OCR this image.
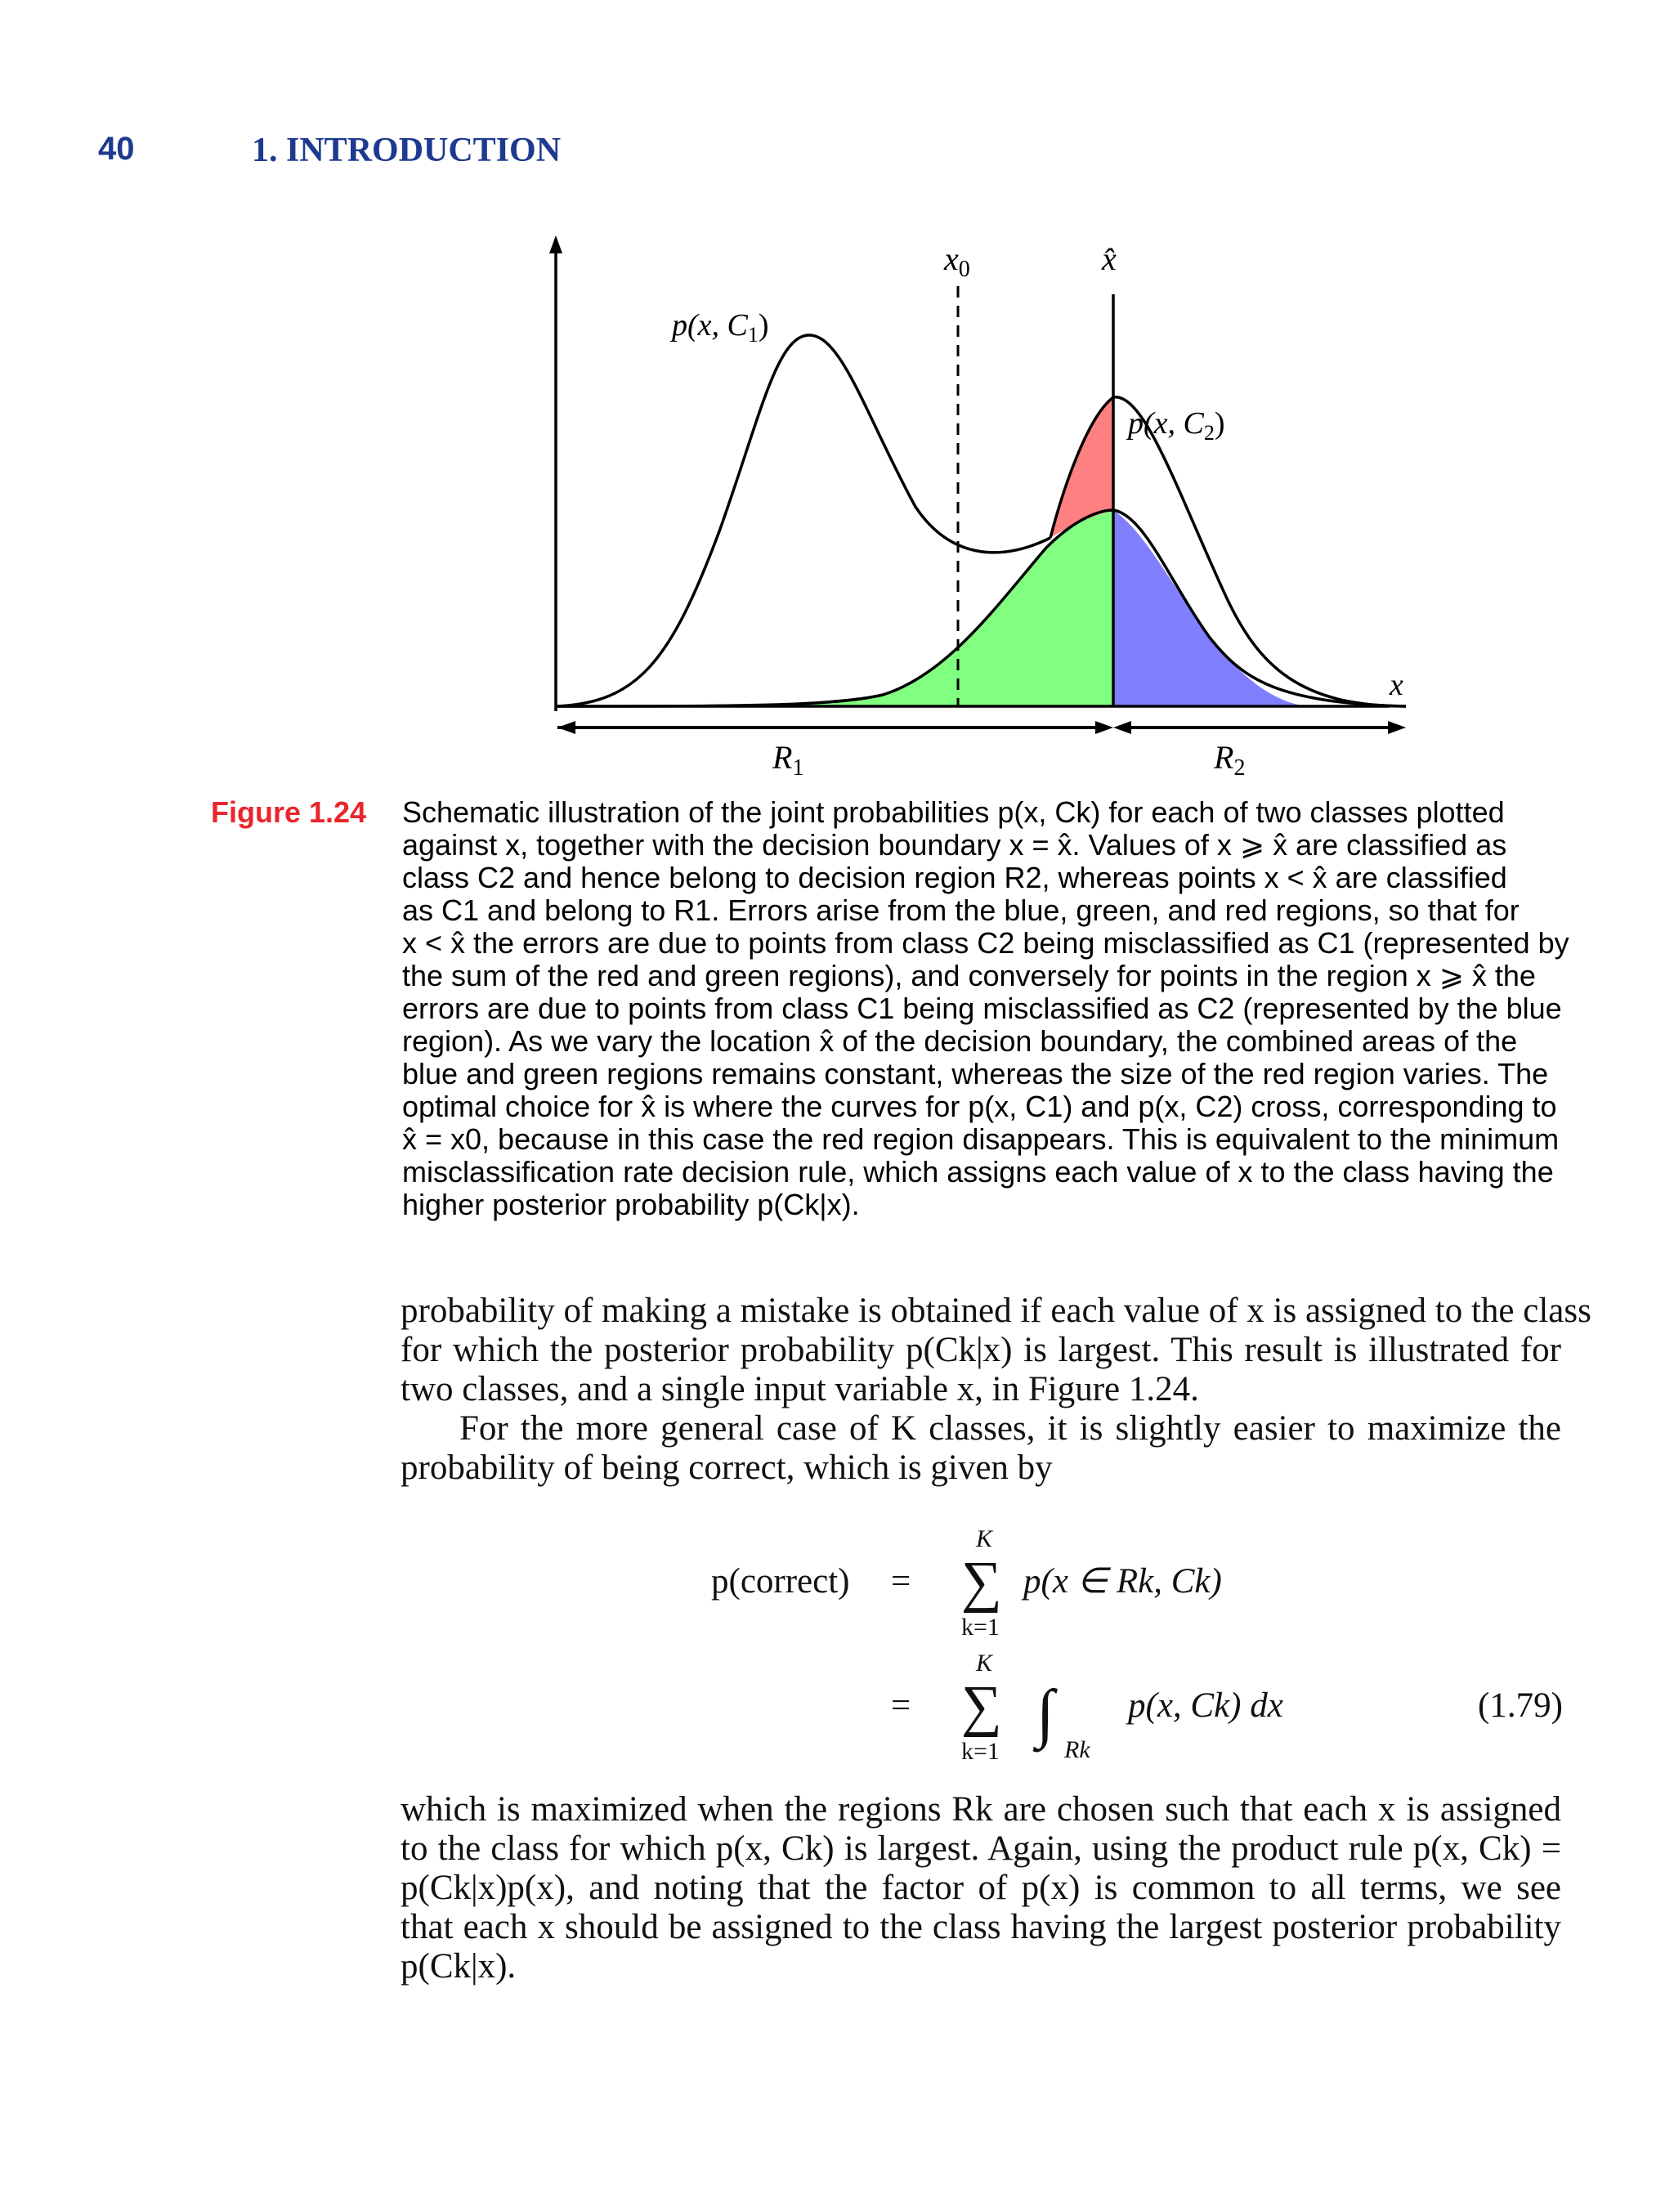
40	1. INTRODUCTION
$x_0$	x̂
p(x, $C_1$)
p(x, $C_2$)
x
$R_1$	$R_2$
Figure 1.24 Schematic illustration of the joint probabilities p(x, Ck) for each of two classes plotted
against x, together with the decision boundary x = x̂. Values of x ⩾ x̂ are classified as
class C2 and hence belong to decision region R2, whereas points x < x̂ are classified
as C1 and belong to R1. Errors arise from the blue, green, and red regions, so that for
x < x̂ the errors are due to points from class C2 being misclassified as C1 (represented by
the sum of the red and green regions), and conversely for points in the region x ⩾ x̂ the
errors are due to points from class C1 being misclassified as C2 (represented by the blue
region). As we vary the location x̂ of the decision boundary, the combined areas of the
blue and green regions remains constant, whereas the size of the red region varies. The
optimal choice for x̂ is where the curves for p(x, C1) and p(x, C2) cross, corresponding to
x̂ = x0, because in this case the red region disappears. This is equivalent to the minimum
misclassification rate decision rule, which assigns each value of x to the class having the
higher posterior probability p(Ck|x).
probability of making a mistake is obtained if each value of x is assigned to the class
for which the posterior probability p(Ck|x) is largest. This result is illustrated for
two classes, and a single input variable x, in Figure 1.24.
For the more general case of K classes, it is slightly easier to maximize the
probability of being correct, which is given by
p(correct) =
K
∑
k=1
p(x ∈ Rk, Ck)
=
K
∑
k=1
∫
Rk
p(x, Ck) dx	(1.79)
which is maximized when the regions Rk are chosen such that each x is assigned
to the class for which p(x, Ck) is largest. Again, using the product rule p(x, Ck) =
p(Ck|x)p(x), and noting that the factor of p(x) is common to all terms, we see
that each x should be assigned to the class having the largest posterior probability
p(Ck|x).
